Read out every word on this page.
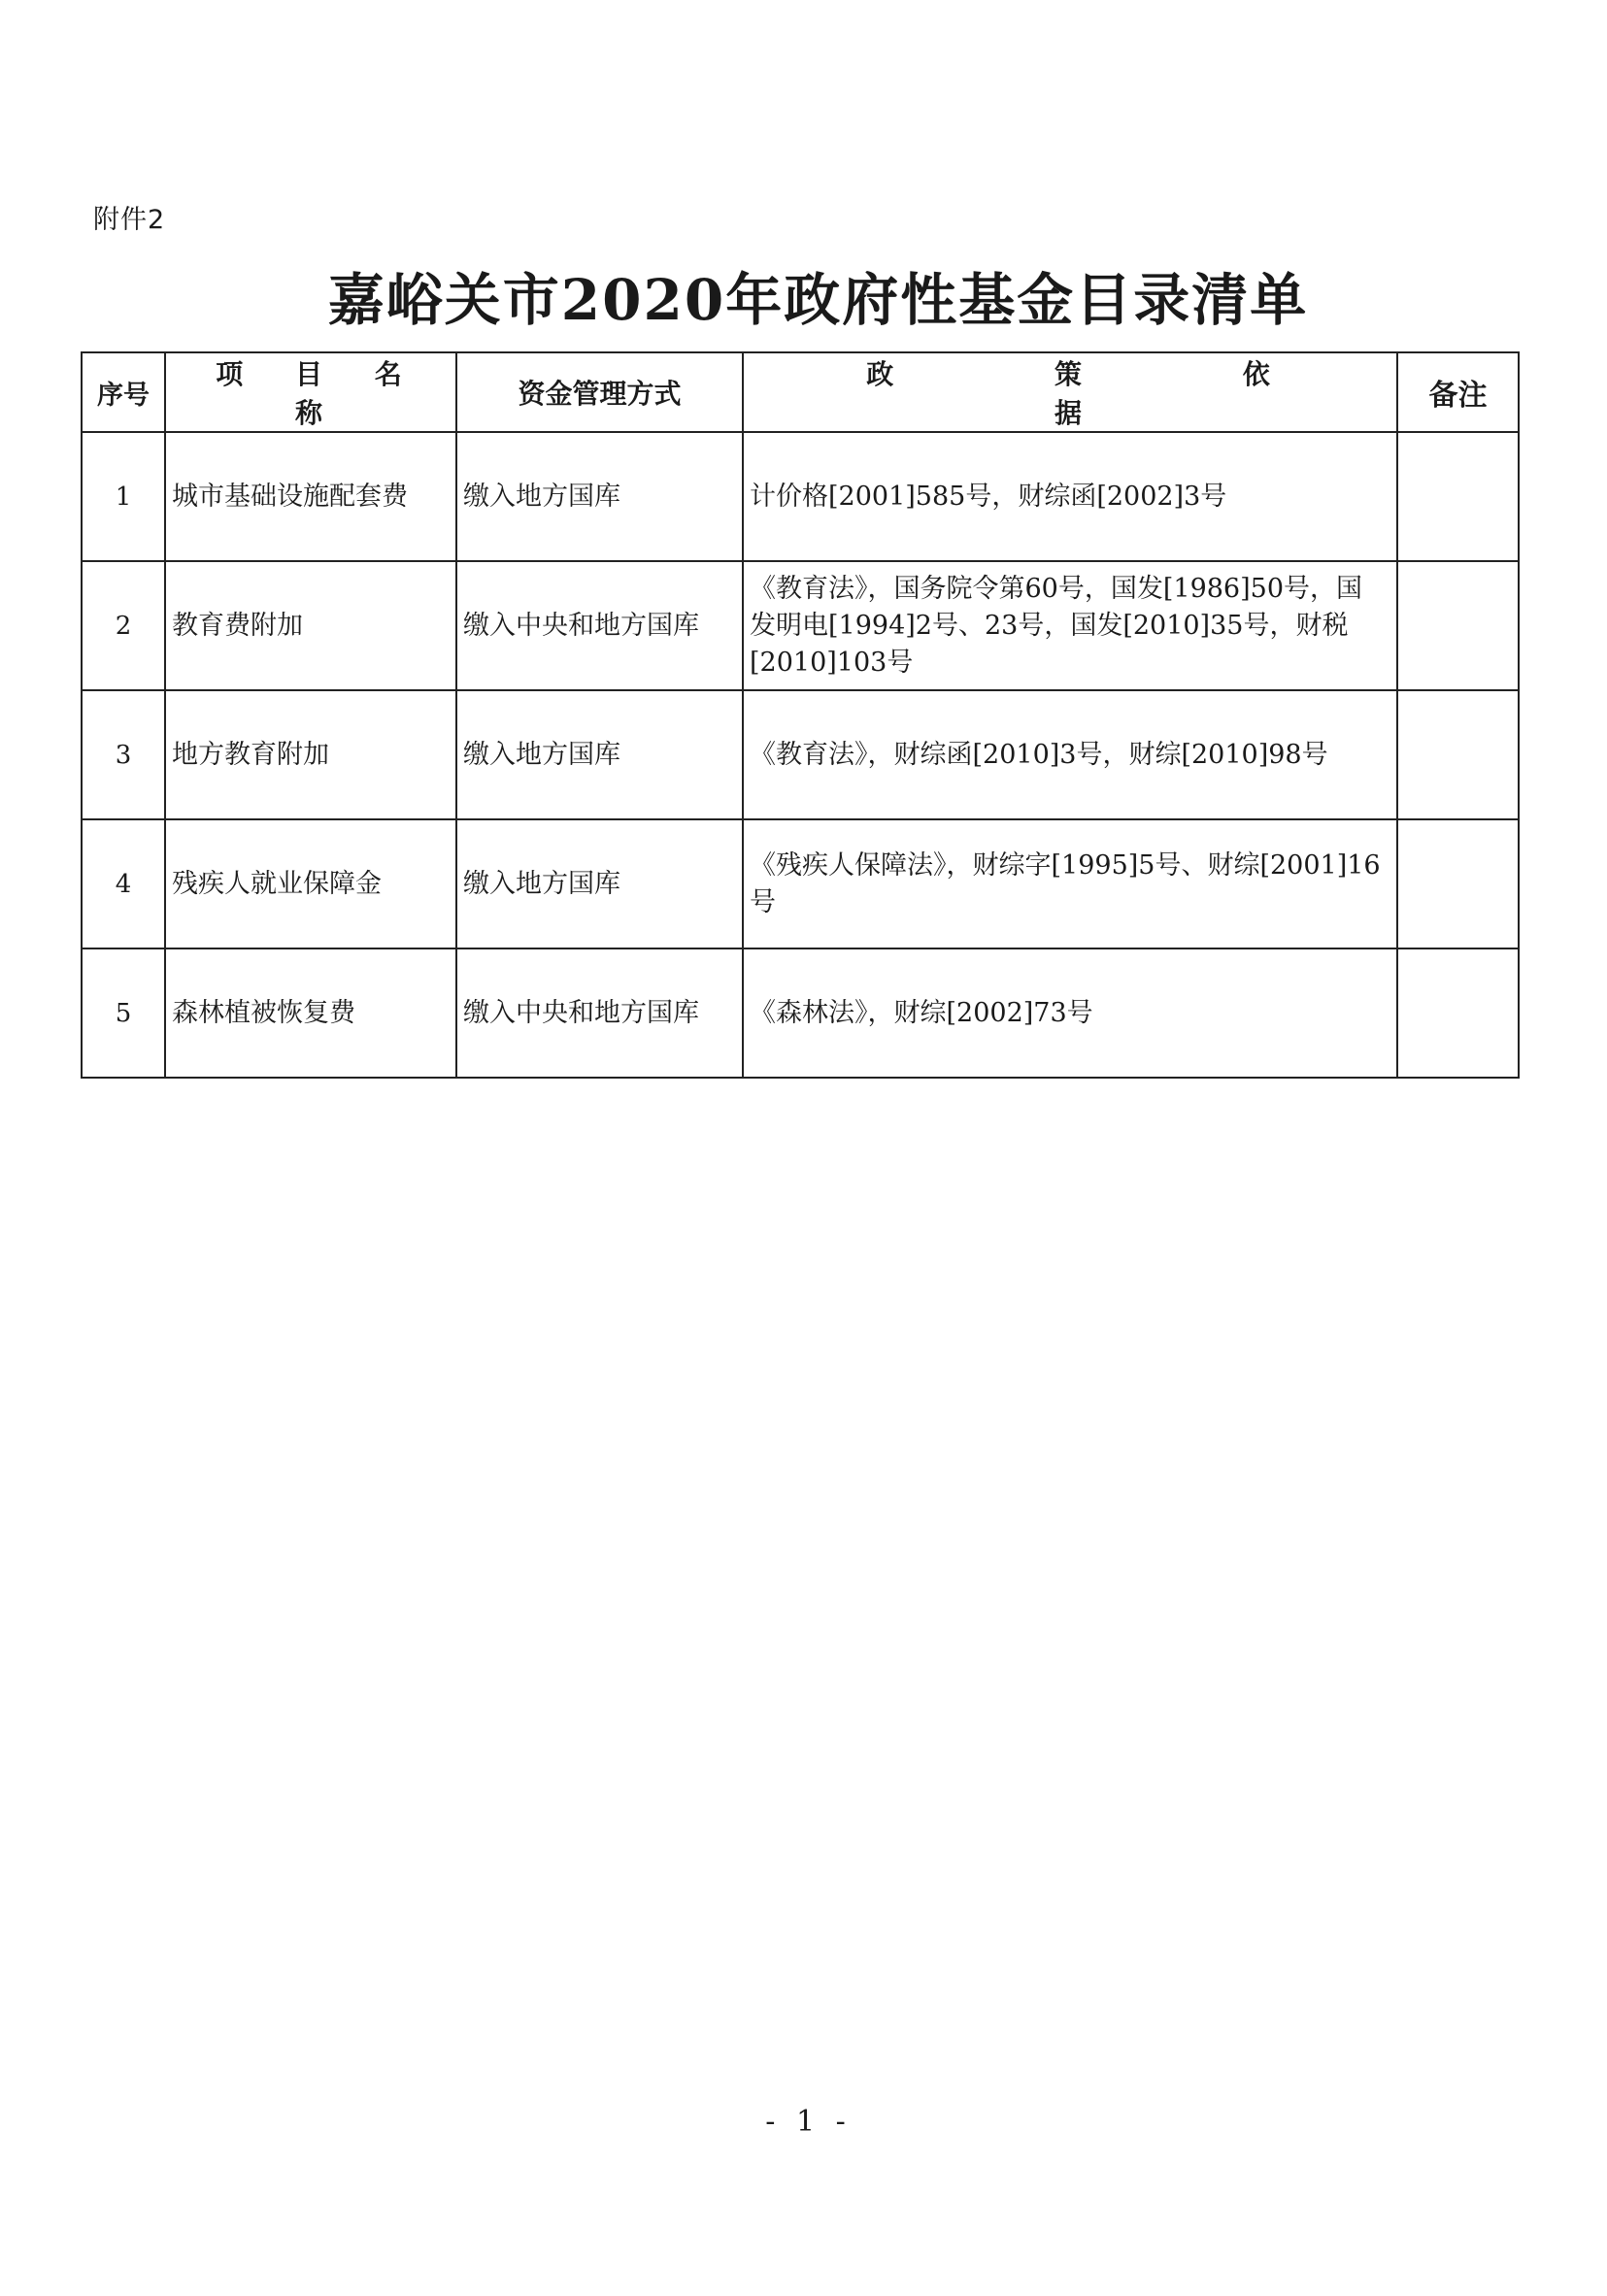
附件2
嘉峪关市2020年政府性基金目录清单
序号	项 目 名 称	资金管理方式	政 策 依 据	备注
1	城市基础设施配套费	缴入地方国库	计价格[2001]585号，财综函[2002]3号	
2	教育费附加	缴入中央和地方国库	《教育法》，国务院令第60号，国发[1986]50号，国发明电[1994]2号、23号，国发[2010]35号，财税[2010]103号	
3	地方教育附加	缴入地方国库	《教育法》，财综函[2010]3号，财综[2010]98号	
4	残疾人就业保障金	缴入地方国库	《残疾人保障法》，财综字[1995]5号、财综[2001]16号	
5	森林植被恢复费	缴入中央和地方国库	《森林法》，财综[2002]73号	
- 1 -
